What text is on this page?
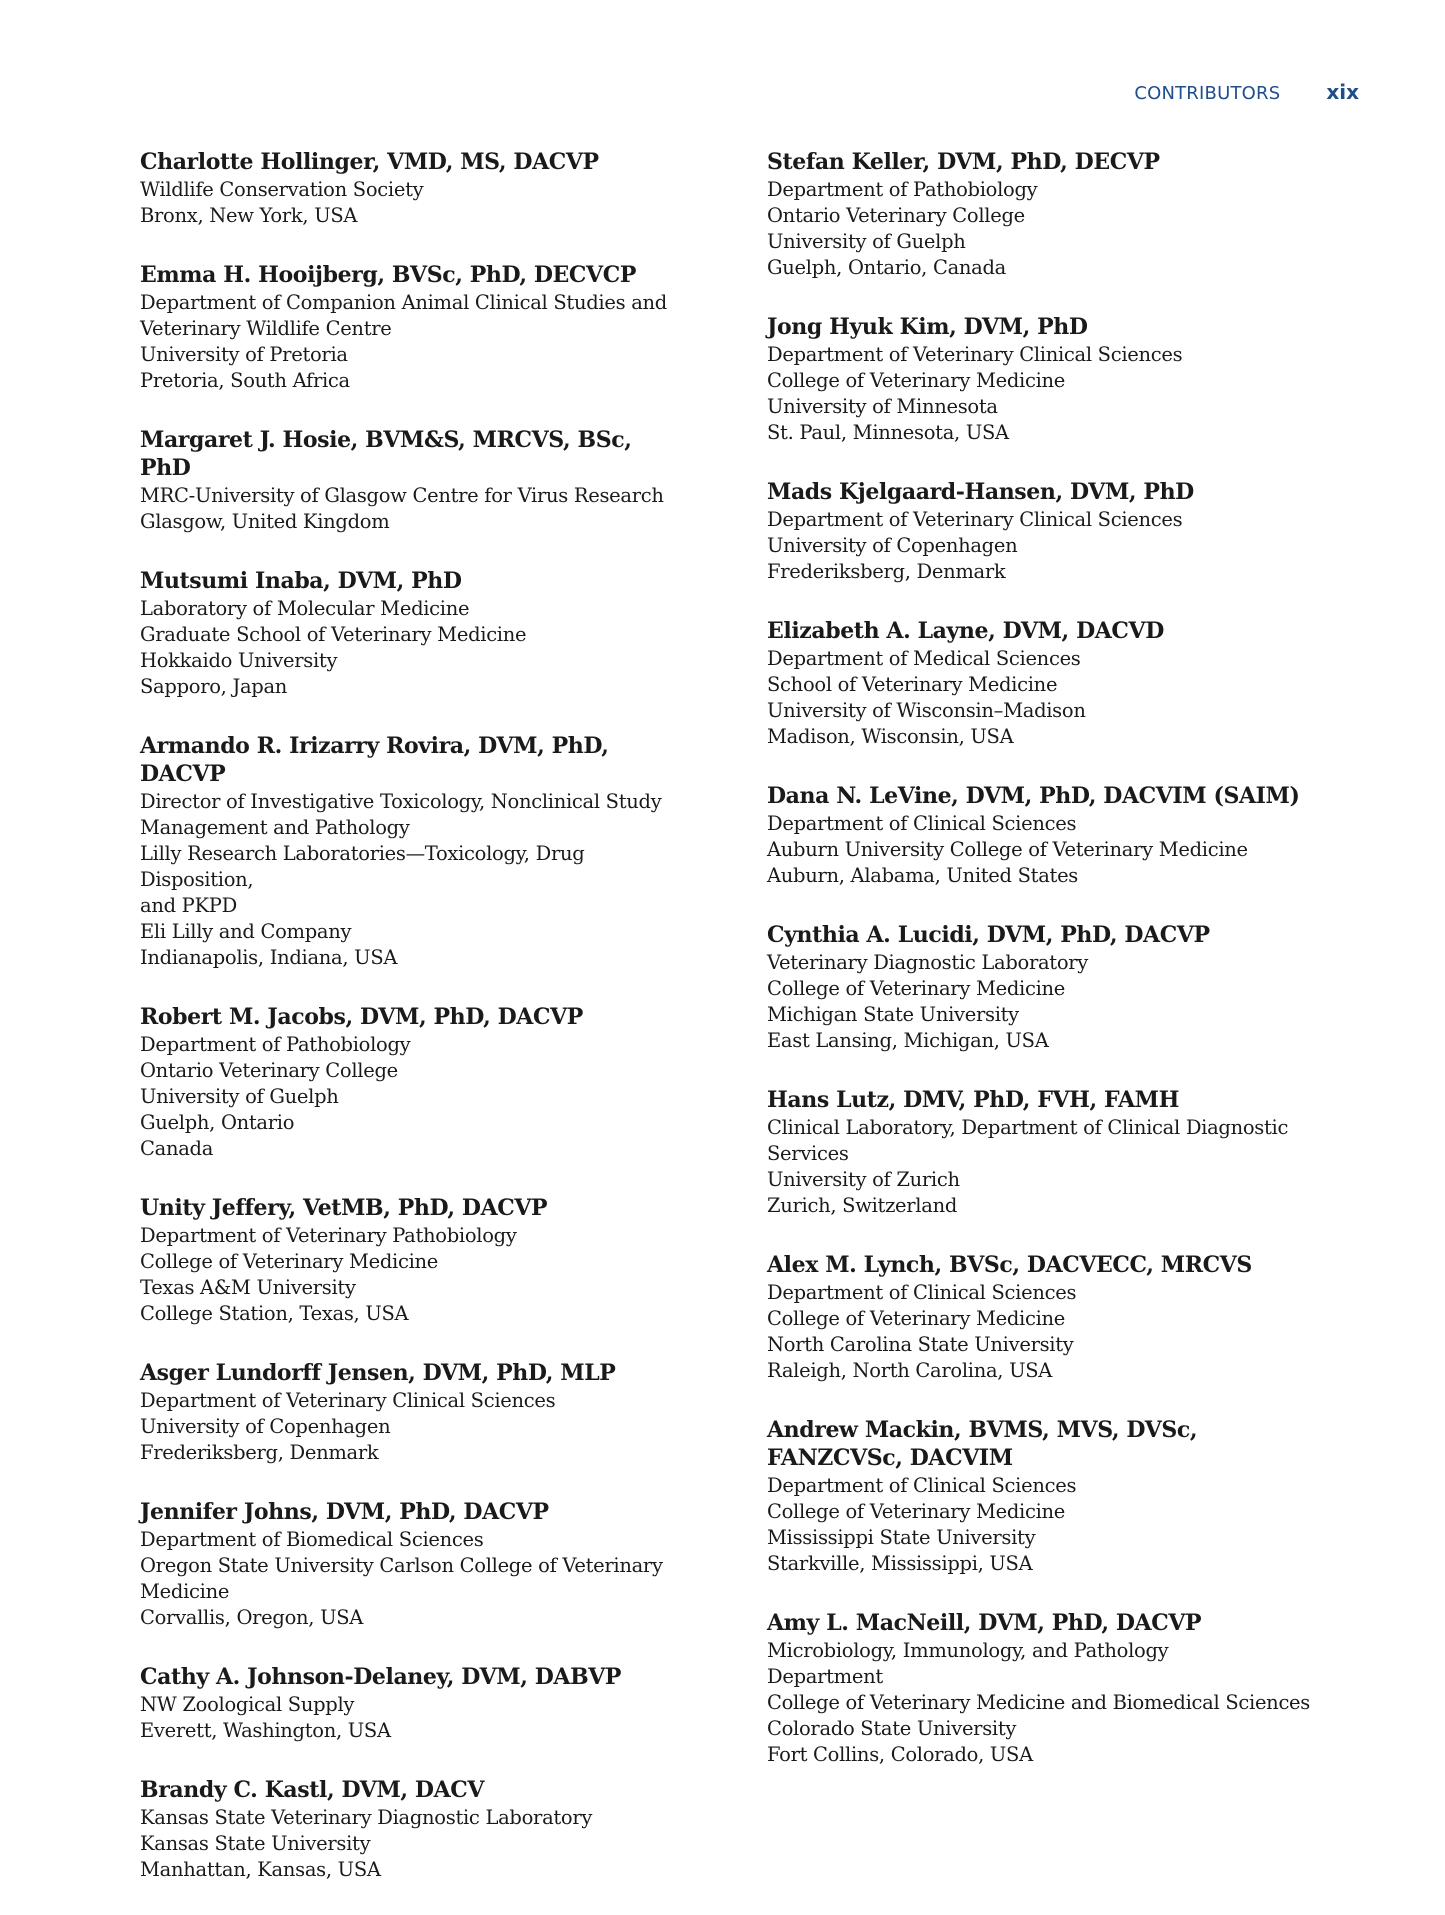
CONTRIBUTORS xix
Charlotte Hollinger, VMD, MS, DACVP
Wildlife Conservation Society
Bronx, New York, USA
Emma H. Hooijberg, BVSc, PhD, DECVCP
Department of Companion Animal Clinical Studies and
Veterinary Wildlife Centre
University of Pretoria
Pretoria, South Africa
Margaret J. Hosie, BVM&S, MRCVS, BSc, PhD
MRC-University of Glasgow Centre for Virus Research
Glasgow, United Kingdom
Mutsumi Inaba, DVM, PhD
Laboratory of Molecular Medicine
Graduate School of Veterinary Medicine
Hokkaido University
Sapporo, Japan
Armando R. Irizarry Rovira, DVM, PhD, DACVP
Director of Investigative Toxicology, Nonclinical Study
Management and Pathology
Lilly Research Laboratories—Toxicology, Drug Disposition,
and PKPD
Eli Lilly and Company
Indianapolis, Indiana, USA
Robert M. Jacobs, DVM, PhD, DACVP
Department of Pathobiology
Ontario Veterinary College
University of Guelph
Guelph, Ontario
Canada
Unity Jeffery, VetMB, PhD, DACVP
Department of Veterinary Pathobiology
College of Veterinary Medicine
Texas A&M University
College Station, Texas, USA
Asger Lundorff Jensen, DVM, PhD, MLP
Department of Veterinary Clinical Sciences
University of Copenhagen
Frederiksberg, Denmark
Jennifer Johns, DVM, PhD, DACVP
Department of Biomedical Sciences
Oregon State University Carlson College of Veterinary
Medicine
Corvallis, Oregon, USA
Cathy A. Johnson-Delaney, DVM, DABVP
NW Zoological Supply
Everett, Washington, USA
Brandy C. Kastl, DVM, DACV
Kansas State Veterinary Diagnostic Laboratory
Kansas State University
Manhattan, Kansas, USA
Stefan Keller, DVM, PhD, DECVP
Department of Pathobiology
Ontario Veterinary College
University of Guelph
Guelph, Ontario, Canada
Jong Hyuk Kim, DVM, PhD
Department of Veterinary Clinical Sciences
College of Veterinary Medicine
University of Minnesota
St. Paul, Minnesota, USA
Mads Kjelgaard-Hansen, DVM, PhD
Department of Veterinary Clinical Sciences
University of Copenhagen
Frederiksberg, Denmark
Elizabeth A. Layne, DVM, DACVD
Department of Medical Sciences
School of Veterinary Medicine
University of Wisconsin–Madison
Madison, Wisconsin, USA
Dana N. LeVine, DVM, PhD, DACVIM (SAIM)
Department of Clinical Sciences
Auburn University College of Veterinary Medicine
Auburn, Alabama, United States
Cynthia A. Lucidi, DVM, PhD, DACVP
Veterinary Diagnostic Laboratory
College of Veterinary Medicine
Michigan State University
East Lansing, Michigan, USA
Hans Lutz, DMV, PhD, FVH, FAMH
Clinical Laboratory, Department of Clinical Diagnostic
Services
University of Zurich
Zurich, Switzerland
Alex M. Lynch, BVSc, DACVECC, MRCVS
Department of Clinical Sciences
College of Veterinary Medicine
North Carolina State University
Raleigh, North Carolina, USA
Andrew Mackin, BVMS, MVS, DVSc, FANZCVSc, DACVIM
Department of Clinical Sciences
College of Veterinary Medicine
Mississippi State University
Starkville, Mississippi, USA
Amy L. MacNeill, DVM, PhD, DACVP
Microbiology, Immunology, and Pathology
Department
College of Veterinary Medicine and Biomedical Sciences
Colorado State University
Fort Collins, Colorado, USA
